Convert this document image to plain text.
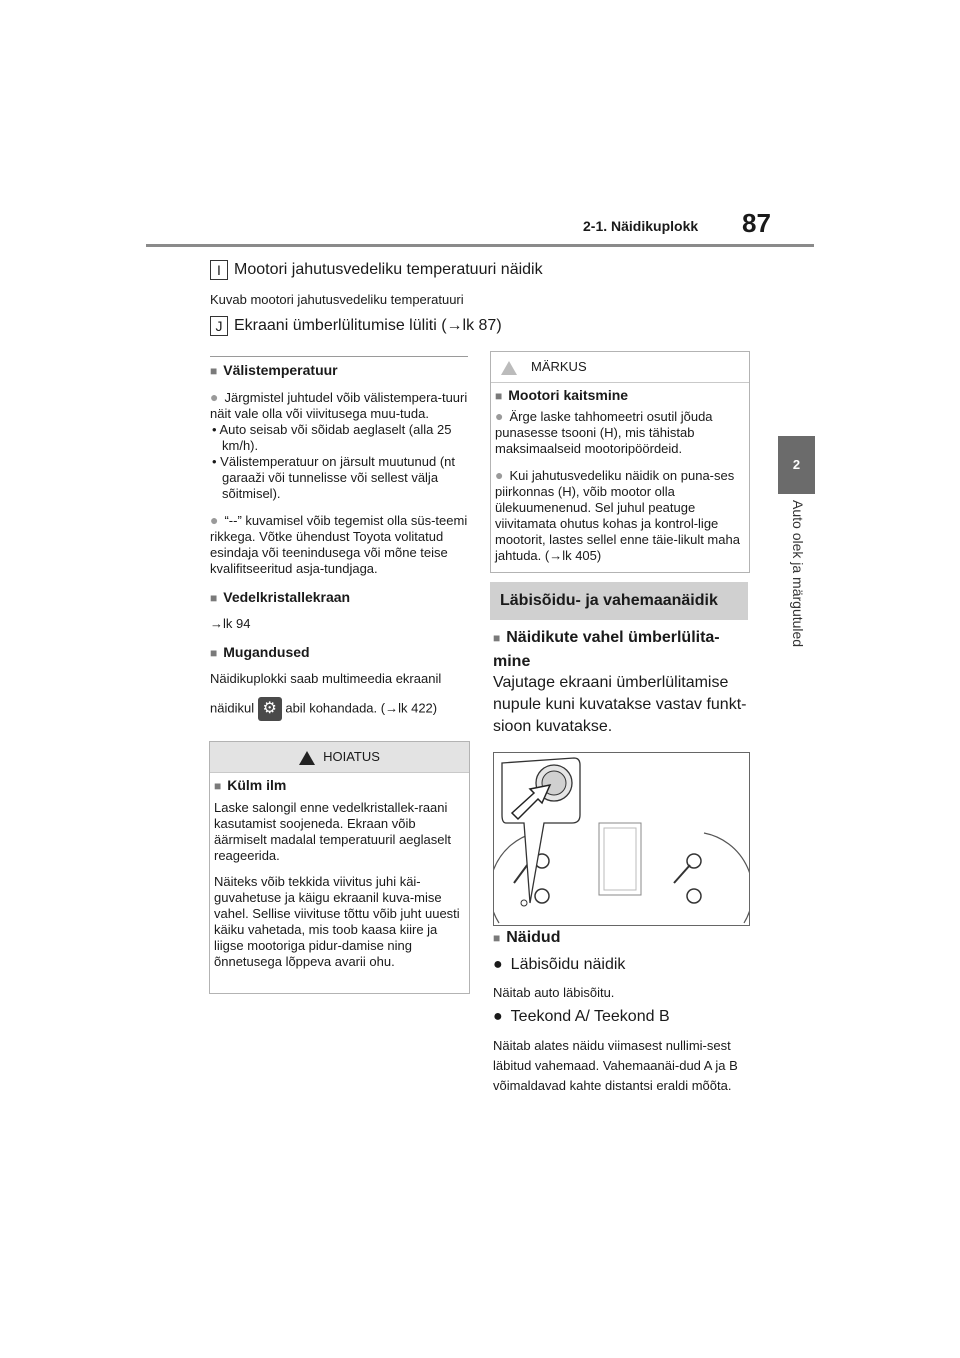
2-1. Näidikuplokk 87
2
Auto olek ja märgutuled
I Mootori jahutusvedeliku temperatuuri näidik
Kuvab mootori jahutusvedeliku temperatuuri
J Ekraani ümberlülitumise lüliti (→lk 87)
■ Välistemperatuur
● Järgmistel juhtudel võib välistempera-tuuri näit vale olla või viivitusega muu-tuda.
• Auto seisab või sõidab aeglaselt (alla 25 km/h).
• Välistemperatuur on järsult muutunud (nt garaaži või tunnelisse või sellest välja sõitmisel).
● “--” kuvamisel võib tegemist olla süs-teemi rikkega. Võtke ühendust Toyota volitatud esindaja või teenindusega või mõne teise kvalifitseeritud asja-tundjaga.
■ Vedelkristallekraan
→lk 94
■ Mugandused
Näidikuplokki saab multimeedia ekraanil
näidikul ⚙ abil kohandada. (→lk 422)
HOIATUS
■ Külm ilm
Laske salongil enne vedelkristallek-raani kasutamist soojeneda. Ekraan võib äärmiselt madalal temperatuuril aeglaselt reageerida.
Näiteks võib tekkida viivitus juhi käi-guvahetuse ja käigu ekraanil kuva-mise vahel. Sellise viivituse tõttu võib juht uuesti käiku vahetada, mis toob kaasa kiire ja liigse mootoriga pidur-damise ning õnnetusega lõppeva avarii ohu.
MÄRKUS
■ Mootori kaitsmine
● Ärge laske tahhomeetri osutil jõuda punasesse tsooni (H), mis tähistab maksimaalseid mootoripöördeid.
● Kui jahutusvedeliku näidik on puna-ses piirkonnas (H), võib mootor olla ülekuumenenud. Sel juhul peatuge viivitamata ohutus kohas ja kontrol-lige mootorit, lastes sellel enne täie-likult maha jahtuda. (→lk 405)
Läbisõidu- ja vahemaanäidik
■ Näidikute vahel ümberlülita-mine
Vajutage ekraani ümberlülitamise nupule kuni kuvatakse vastav funkt-sioon kuvatakse.
■ Näidud
● Läbisõidu näidik
Näitab auto läbisõitu.
● Teekond A/ Teekond B
Näitab alates näidu viimasest nullimi-sest läbitud vahemaad. Vahemaanäi-dud A ja B võimaldavad kahte distantsi eraldi mõõta.
